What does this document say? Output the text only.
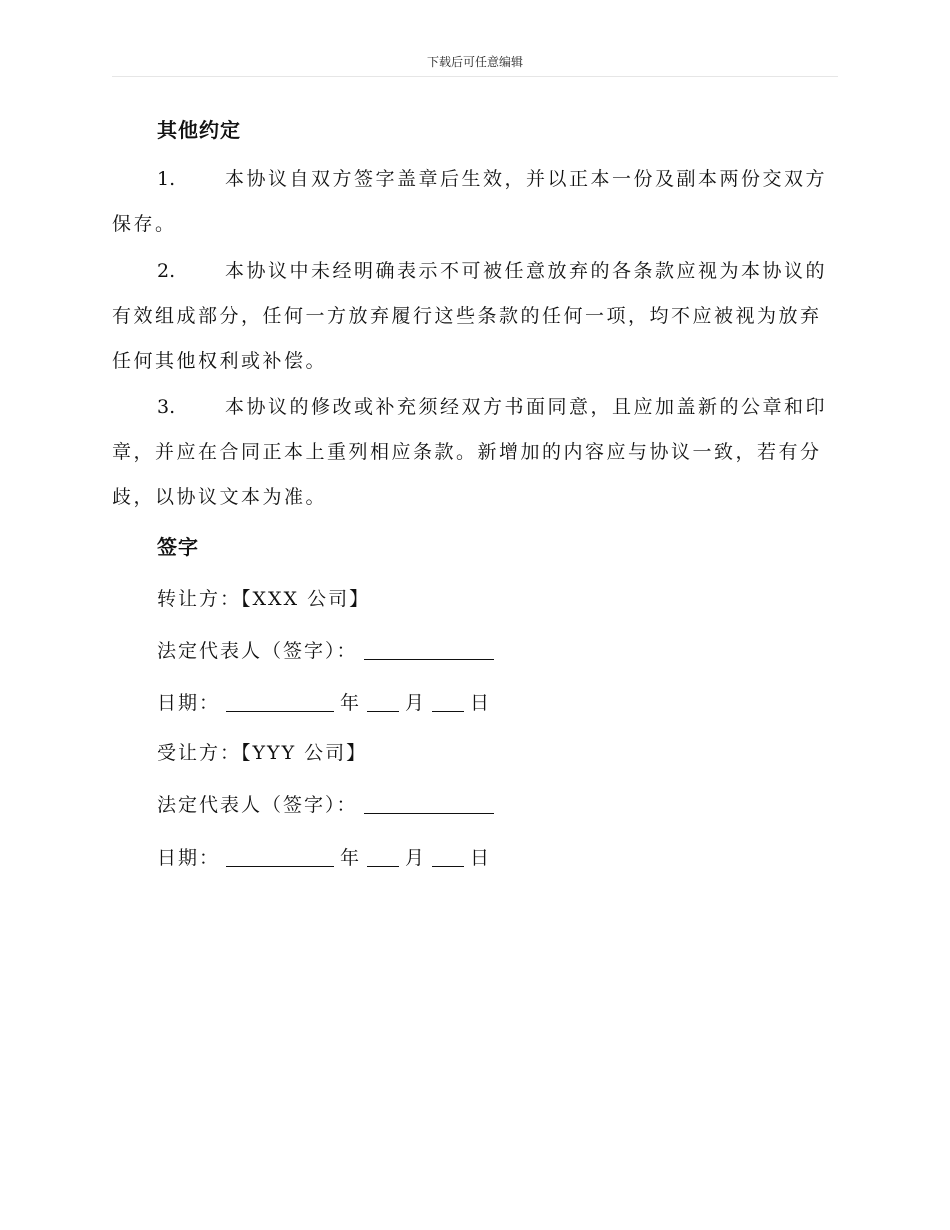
下载后可任意编辑
其他约定
1.	本协议自双方签字盖章后生效，并以正本一份及副本两份交双方保存。
2.	本协议中未经明确表示不可被任意放弃的各条款应视为本协议的有效组成部分，任何一方放弃履行这些条款的任何一项，均不应被视为放弃任何其他权利或补偿。
3.	本协议的修改或补充须经双方书面同意，且应加盖新的公章和印章，并应在合同正本上重列相应条款。新增加的内容应与协议一致，若有分歧，以协议文本为准。
签字
转让方：【XXX 公司】
法定代表人（签字）：
日期：	年 月 日
受让方：【YYY 公司】
法定代表人（签字）：
日期：	年 月 日
